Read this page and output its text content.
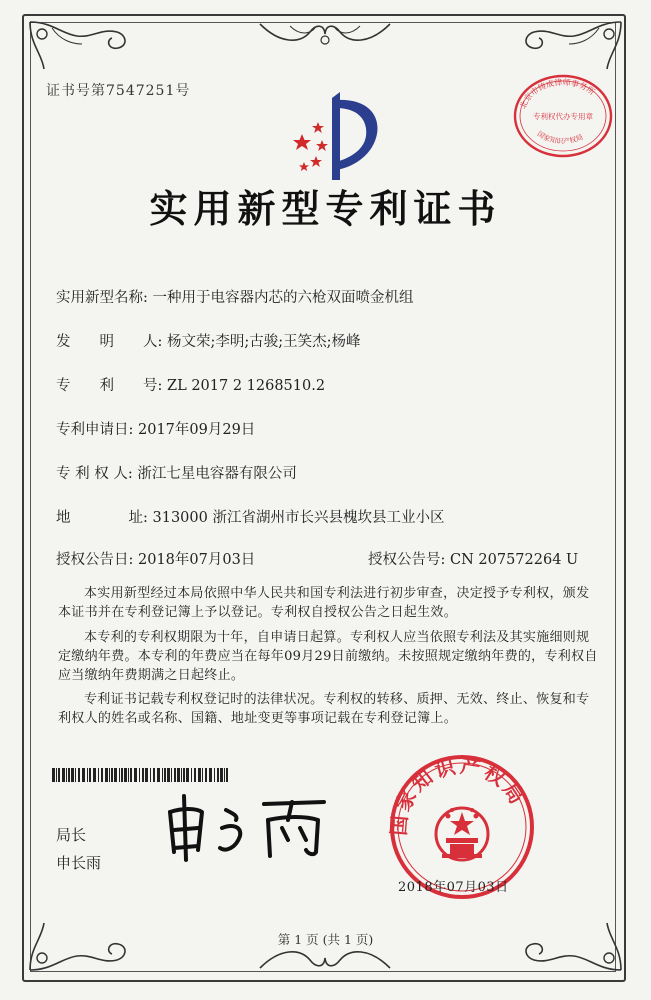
证书号第7547251号
北京市铸成律师事务所
专利权代办专用章
国家知识产权局
实用新型专利证书
实用新型名称: 一种用于电容器内芯的六枪双面喷金机组
发　　明　　人: 杨文荣;李明;古骏;王笑杰;杨峰
专　　利　　号: ZL 2017 2 1268510.2
专利申请日: 2017年09月29日
专 利 权 人: 浙江七星电容器有限公司
地　　　　址: 313000 浙江省湖州市长兴县槐坎县工业小区
授权公告日: 2018年07月03日	授权公告号: CN 207572264 U
本实用新型经过本局依照中华人民共和国专利法进行初步审查，决定授予专利权，颁发本证书并在专利登记簿上予以登记。专利权自授权公告之日起生效。
本专利的专利权期限为十年，自申请日起算。专利权人应当依照专利法及其实施细则规定缴纳年费。本专利的年费应当在每年09月29日前缴纳。未按照规定缴纳年费的，专利权自应当缴纳年费期满之日起终止。
专利证书记载专利权登记时的法律状况。专利权的转移、质押、无效、终止、恢复和专利权人的姓名或名称、国籍、地址变更等事项记载在专利登记簿上。
局长
申长雨
国家知识产权局
2018年07月03日
第 1 页 (共 1 页)
